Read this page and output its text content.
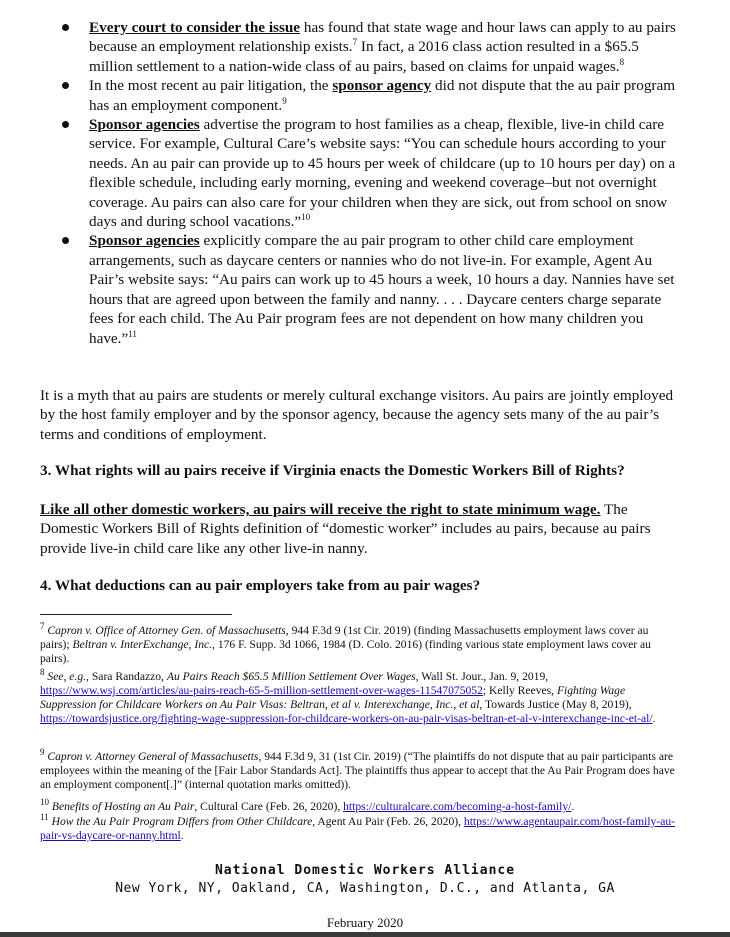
Every court to consider the issue has found that state wage and hour laws can apply to au pairs because an employment relationship exists.$^7$ In fact, a 2016 class action resulted in a $65.5 million settlement to a nation-wide class of au pairs, based on claims for unpaid wages.$^8$
In the most recent au pair litigation, the sponsor agency did not dispute that the au pair program has an employment component.$^9$
Sponsor agencies advertise the program to host families as a cheap, flexible, live-in child care service. For example, Cultural Care’s website says: “You can schedule hours according to your needs. An au pair can provide up to 45 hours per week of childcare (up to 10 hours per day) on a flexible schedule, including early morning, evening and weekend coverage–but not overnight coverage. Au pairs can also care for your children when they are sick, out from school on snow days and during school vacations.”$^{10}$
Sponsor agencies explicitly compare the au pair program to other child care employment arrangements, such as daycare centers or nannies who do not live-in. For example, Agent Au Pair’s website says: “Au pairs can work up to 45 hours a week, 10 hours a day. Nannies have set hours that are agreed upon between the family and nanny. . . . Daycare centers charge separate fees for each child. The Au Pair program fees are not dependent on how many children you have.”$^{11}$

It is a myth that au pairs are students or merely cultural exchange visitors. Au pairs are jointly employed by the host family employer and by the sponsor agency, because the agency sets many of the au pair’s terms and conditions of employment.

3. What rights will au pairs receive if Virginia enacts the Domestic Workers Bill of Rights?

Like all other domestic workers, au pairs will receive the right to state minimum wage. The Domestic Workers Bill of Rights definition of “domestic worker” includes au pairs, because au pairs provide live-in child care like any other live-in nanny.

4. What deductions can au pair employers take from au pair wages?

$^7$ Capron v. Office of Attorney Gen. of Massachusetts, 944 F.3d 9 (1st Cir. 2019) (finding Massachusetts employment laws cover au pairs); Beltran v. InterExchange, Inc., 176 F. Supp. 3d 1066, 1984 (D. Colo. 2016) (finding various state employment laws cover au pairs).

$^8$ See, e.g., Sara Randazzo, Au Pairs Reach $65.5 Million Settlement Over Wages, Wall St. Jour., Jan. 9, 2019, https://www.wsj.com/articles/au-pairs-reach-65-5-million-settlement-over-wages-11547075052; Kelly Reeves, Fighting Wage Suppression for Childcare Workers on Au Pair Visas: Beltran, et al v. Interexchange, Inc., et al, Towards Justice (May 8, 2019), https://towardsjustice.org/fighting-wage-suppression-for-childcare-workers-on-au-pair-visas-beltran-et-al-v-interexchange-inc-et-al/.

$^9$ Capron v. Attorney General of Massachusetts, 944 F.3d 9, 31 (1st Cir. 2019) (“The plaintiffs do not dispute that au pair participants are employees within the meaning of the [Fair Labor Standards Act]. The plaintiffs thus appear to accept that the Au Pair Program does have an employment component[.]” (internal quotation marks omitted)).

$^{10}$ Benefits of Hosting an Au Pair, Cultural Care (Feb. 26, 2020), https://culturalcare.com/becoming-a-host-family/.

$^{11}$ How the Au Pair Program Differs from Other Childcare, Agent Au Pair (Feb. 26, 2020), https://www.agentaupair.com/host-family-au-pair-vs-daycare-or-nanny.html.

National Domestic Workers Alliance
New York, NY, Oakland, CA, Washington, D.C., and Atlanta, GA
February 2020
